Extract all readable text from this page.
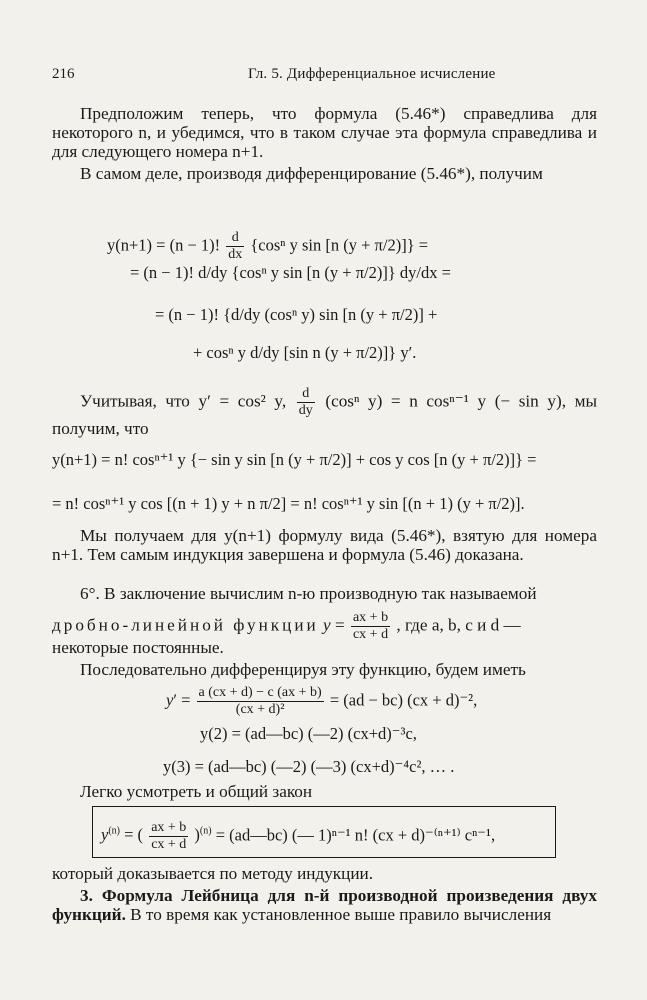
216	Гл. 5. Дифференциальное исчисление
Предположим теперь, что формула (5.46*) справедлива для некоторого n, и убедимся, что в таком случае эта формула справедлива и для следующего номера n+1.
В самом деле, производя дифференцирование (5.46*), получим
y(n+1) = (n − 1)! $\frac{d}{dx} \{\cos^n$ y sin [n (y + π/2)]} =
= (n − 1)! d/dy {cosⁿ y sin [n (y + π/2)]} dy/dx =
= (n − 1)! {d/dy (cosⁿ y) sin [n (y + π/2)] +
+ cosⁿ y d/dy [sin n (y + π/2)]} y′.
Учитывая, что y′ = cos² y, $\frac{d}{dy} (\cos^n$ y) = n cosⁿ⁻¹ y (− sin y), мы получим, что
y(n+1) = n! cosⁿ⁺¹ y {− sin y sin [n (y + π/2)] + cos y cos [n (y + π/2)]} =
= n! cosⁿ⁺¹ y cos [(n + 1) y + n π/2] = n! cosⁿ⁺¹ y sin [(n + 1) (y + π/2)].
Мы получаем для y(n+1) формулу вида (5.46*), взятую для номера n+1. Тем самым индукция завершена и формула (5.46) доказана.
6°. В заключение вычислим n-ю производную так называемой
дробно-линейной функции $y = \frac{ax + b}{cx + d}$ , где a, b, c и d —
некоторые постоянные.
Последовательно дифференцируя эту функцию, будем иметь
$y' = \frac{a (cx + d) - c (ax + b)}{\text{(cx + d)²}} = (ad - bc) (cx + d)^{-2}$,
y(2) = (ad—bc) (—2) (cx+d)⁻³c,
y(3) = (ad—bc) (—2) (—3) (cx+d)⁻⁴c², … .
Легко усмотреть и общий закон
$y^{(n)}$ = ( $\frac{ax + b}{cx + d} )^{(n)}$ = (ad—bc) (— 1)ⁿ⁻¹ n! (cx + d)⁻⁽ⁿ⁺¹⁾ cⁿ⁻¹,
который доказывается по методу индукции.
3. Формула Лейбница для n-й производной произведения двух функций. В то время как установленное выше правило вычисления
